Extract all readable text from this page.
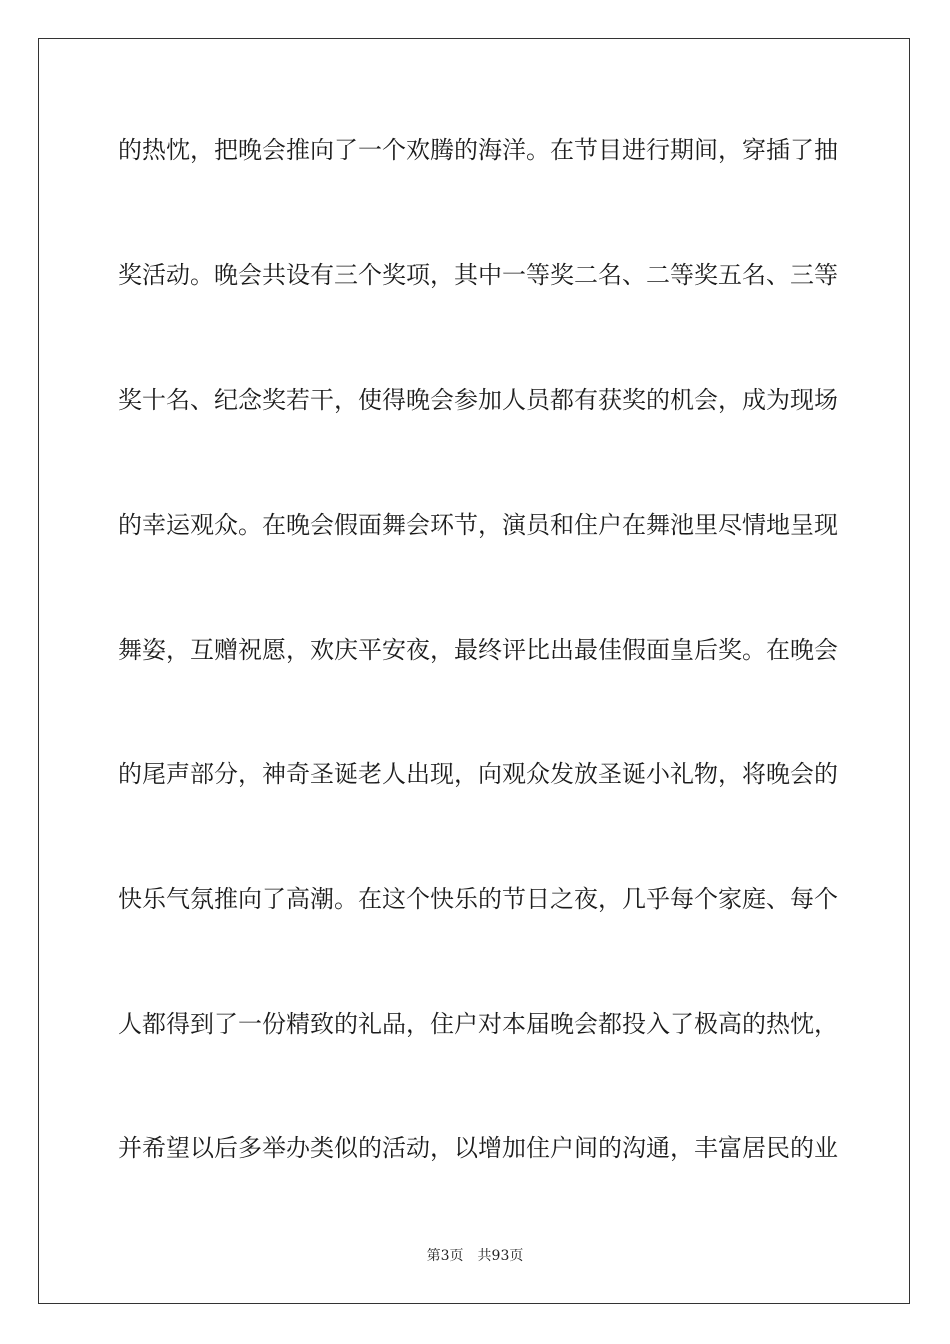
的热忱，把晚会推向了一个欢腾的海洋。在节目进行期间，穿插了抽
奖活动。晚会共设有三个奖项，其中一等奖二名、二等奖五名、三等
奖十名、纪念奖若干，使得晚会参加人员都有获奖的机会，成为现场
的幸运观众。在晚会假面舞会环节，演员和住户在舞池里尽情地呈现
舞姿，互赠祝愿，欢庆平安夜，最终评比出最佳假面皇后奖。在晚会
的尾声部分，神奇圣诞老人出现，向观众发放圣诞小礼物，将晚会的
快乐气氛推向了高潮。在这个快乐的节日之夜，几乎每个家庭、每个
人都得到了一份精致的礼品，住户对本届晚会都投入了极高的热忱，
并希望以后多举办类似的活动，以增加住户间的沟通，丰富居民的业
第3页 共93页
